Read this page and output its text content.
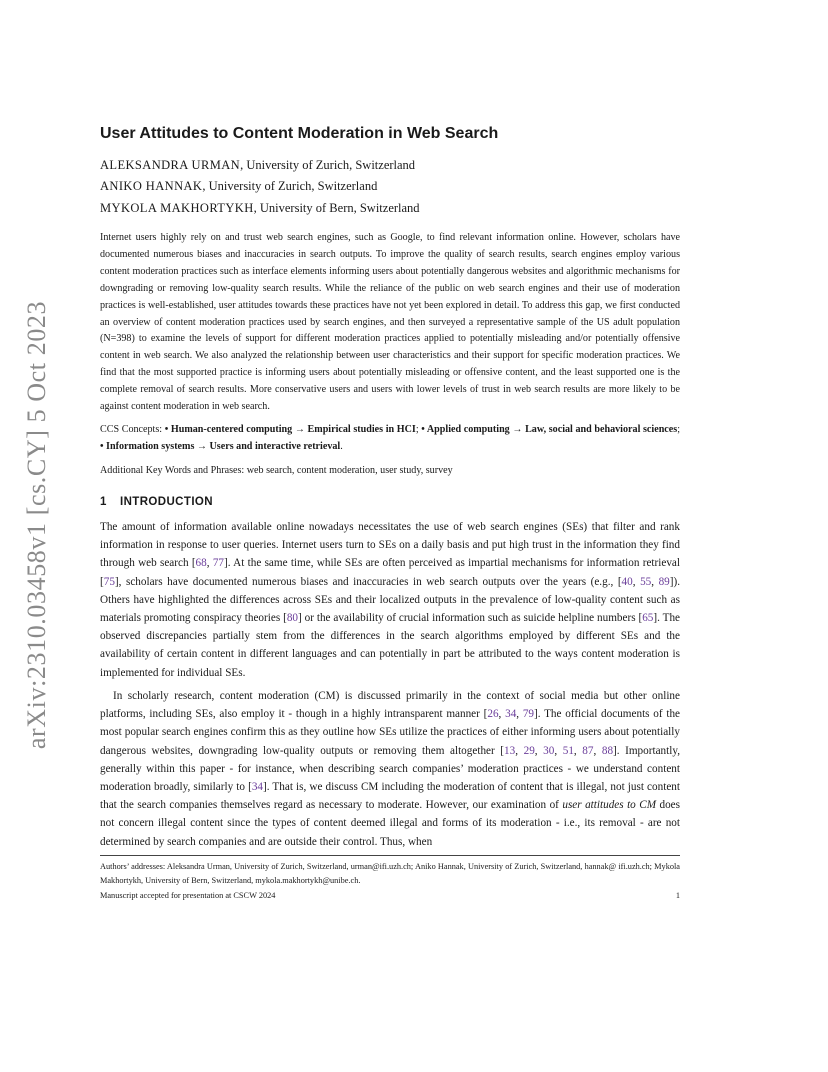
arXiv:2310.03458v1 [cs.CY] 5 Oct 2023
User Attitudes to Content Moderation in Web Search
ALEKSANDRA URMAN, University of Zurich, Switzerland
ANIKO HANNAK, University of Zurich, Switzerland
MYKOLA MAKHORTYKH, University of Bern, Switzerland

Internet users highly rely on and trust web search engines, such as Google, to find relevant information online. However, scholars have documented numerous biases and inaccuracies in search outputs. To improve the quality of search results, search engines employ various content moderation practices such as interface elements informing users about potentially dangerous websites and algorithmic mechanisms for downgrading or removing low-quality search results. While the reliance of the public on web search engines and their use of moderation practices is well-established, user attitudes towards these practices have not yet been explored in detail. To address this gap, we first conducted an overview of content moderation practices used by search engines, and then surveyed a representative sample of the US adult population (N=398) to examine the levels of support for different moderation practices applied to potentially misleading and/or potentially offensive content in web search. We also analyzed the relationship between user characteristics and their support for specific moderation practices. We find that the most supported practice is informing users about potentially misleading or offensive content, and the least supported one is the complete removal of search results. More conservative users and users with lower levels of trust in web search results are more likely to be against content moderation in web search.

CCS Concepts: • Human-centered computing → Empirical studies in HCI; • Applied computing → Law, social and behavioral sciences; • Information systems → Users and interactive retrieval.

Additional Key Words and Phrases: web search, content moderation, user study, survey

1 INTRODUCTION

The amount of information available online nowadays necessitates the use of web search engines (SEs) that filter and rank information in response to user queries. Internet users turn to SEs on a daily basis and put high trust in the information they find through web search [68, 77]. At the same time, while SEs are often perceived as impartial mechanisms for information retrieval [75], scholars have documented numerous biases and inaccuracies in web search outputs over the years (e.g., [40, 55, 89]). Others have highlighted the differences across SEs and their localized outputs in the prevalence of low-quality content such as materials promoting conspiracy theories [80] or the availability of crucial information such as suicide helpline numbers [65]. The observed discrepancies partially stem from the differences in the search algorithms employed by different SEs and the availability of certain content in different languages and can potentially in part be attributed to the ways content moderation is implemented for individual SEs.

In scholarly research, content moderation (CM) is discussed primarily in the context of social media but other online platforms, including SEs, also employ it - though in a highly intransparent manner [26, 34, 79]. The official documents of the most popular search engines confirm this as they outline how SEs utilize the practices of either informing users about potentially dangerous websites, downgrading low-quality outputs or removing them altogether [13, 29, 30, 51, 87, 88]. Importantly, generally within this paper - for instance, when describing search companies’ moderation practices - we understand content moderation broadly, similarly to [34]. That is, we discuss CM including the moderation of content that is illegal, not just content that the search companies themselves regard as necessary to moderate. However, our examination of user attitudes to CM does not concern illegal content since the types of content deemed illegal and forms of its moderation - i.e., its removal - are not determined by search companies and are outside their control. Thus, when

Authors’ addresses: Aleksandra Urman, University of Zurich, Switzerland, urman@ifi.uzh.ch; Aniko Hannak, University of Zurich, Switzerland, hannak@ ifi.uzh.ch; Mykola Makhortykh, University of Bern, Switzerland, mykola.makhortykh@unibe.ch.

Manuscript accepted for presentation at CSCW 2024	1
